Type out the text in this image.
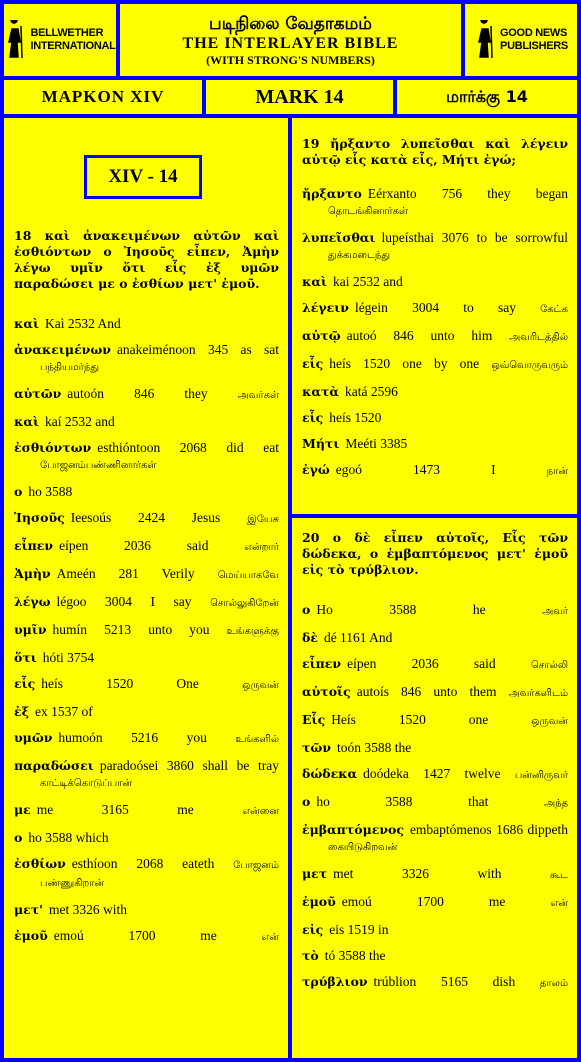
BELLWETHER
INTERNATIONAL
படிநிலை வேதாகமம்
THE INTERLAYER BIBLE
(WITH STRONG'S NUMBERS)
GOOD NEWS
PUBLISHERS
MAPKON XIV	MARK 14	மார்க்கு 14
XIV - 14
18 καὶ ἀνακειμένων αὐτῶν καὶ ἐσθιόντων ο Ἰησοῦς εἶπεν, Ἀμὴν λέγω υμῖν ὅτι εἷς ἐξ υμῶν παραδώσει με ο ἐσθίων μετ' ἐμοῦ.
καὶ Kaì 2532 And
ἀνακειμένων anakeiménoon 345 as sat பந்தியமர்ந்து
αὐτῶν autoón 846 they	அவர்கள்
καὶ kaí 2532 and
ἐσθιόντων esthióntoon 2068 did eat போஜனம்பண்ணினார்கள்
ο ho 3588
Ἰησοῦς Ieesoús 2424 Jesus	இயேசு
εἶπεν eípen 2036 said	என்றார்
Ἀμὴν Ameén 281 Verily மெய்யாகவே
λέγω légoo 3004 I say சொல்லுகிறேன்
υμῖν humín 5213 unto you உங்களுக்கு
ὅτι hóti 3754
εἷς heís 1520 One	ஒருவன்
ἐξ ex 1537 of
υμῶν humoón 5216 you	உங்களில்
παραδώσει paradoósei 3860 shall be tray காட்டிக்கொடுப்பான்
με me 3165 me	என்னை
ο ho 3588 which
ἐσθίων esthíoon 2068 eateth போஜனம் பண்ணுகிறான்
μετ' met 3326 with
ἐμοῦ emoú 1700 me	என்
19 ἤρξαντο λυπεῖσθαι καὶ λέγειν αὐτῷ εἷς κατὰ εἷς, Μήτι ἐγώ;
ἤρξαντο Eérxanto 756 they began தொடங்கினார்கள்
λυπεῖσθαι lupeísthai 3076 to be sorrowful துக்கமடைந்து
καὶ kai 2532 and
λέγειν légein 3004 to say கேட்க
αὐτῷ autoó 846 unto him அவரிடத்தில்
εἷς heís 1520 one by one ஒவ்வொருவரும்
κατὰ katá 2596
εἷς heís 1520
Μήτι Meéti 3385
ἐγώ egoó 1473 I	நான்
20 ο δὲ εἶπεν αὐτοῖς, Εἷς τῶν δώδεκα, ο ἐμβαπτόμενος μετ' ἐμοῦ εἰς τὸ τρύβλιον.
ο Ho 3588 he	அவர்
δὲ dé 1161 And
εἶπεν eípen 2036 said	சொல்லி
αὐτοῖς autoís 846 unto them அவர்களிடம்
Εἷς Heís 1520 one	ஒருவன்
τῶν toón 3588 the
δώδεκα doódeka 1427 twelve பன்னிருவர்
ο ho 3588 that	அந்த
ἐμβαπτόμενος embaptómenos 1686 dippeth கையிடுகிறவன்
μετ met 3326 with	கூட
ἐμοῦ emoú 1700 me	என்
εἰς eis 1519 in
τὸ tó 3588 the
τρύβλιον trúblion 5165 dish தாலம்
